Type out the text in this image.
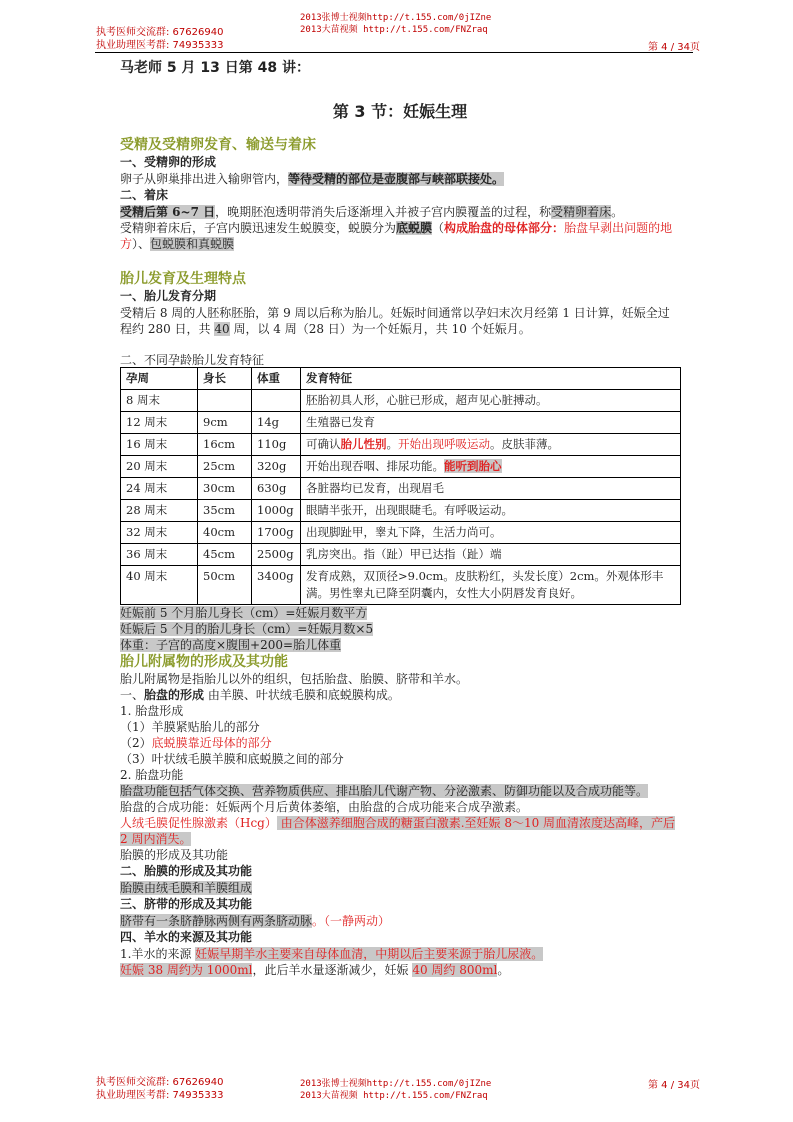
执考医师交流群: 67626940
执业助理医考群: 74935333
2013张博士视频http://t.155.com/0jIZne
2013大苗视频 http://t.155.com/FNZraq
第 4 / 34页

马老师 5 月 13 日第 48 讲：

第 3 节：妊娠生理

受精及受精卵发育、输送与着床

一、受精卵的形成

卵子从卵巢排出进入输卵管内，等待受精的部位是壶腹部与峡部联接处。

二、着床

受精后第 6~7 日，晚期胚泡透明带消失后逐渐埋入并被子宫内膜覆盖的过程，称受精卵着床。

受精卵着床后，子宫内膜迅速发生蜕膜变，蜕膜分为底蜕膜（构成胎盘的母体部分：胎盘早剥出问题的地方）、包蜕膜和真蜕膜

胎儿发育及生理特点

一、胎儿发育分期

受精后 8 周的人胚称胚胎，第 9 周以后称为胎儿。妊娠时间通常以孕妇末次月经第 1 日计算，妊娠全过程约 280 日，共 40 周，以 4 周（28 日）为一个妊娠月，共 10 个妊娠月。

二、不同孕龄胎儿发育特征

孕周	身长	体重	发育特征
8 周末			胚胎初具人形，心脏已形成，超声见心脏搏动。
12 周末	9cm	14g	生殖器已发育
16 周末	16cm	110g	可确认胎儿性别。开始出现呼吸运动。皮肤菲薄。
20 周末	25cm	320g	开始出现吞咽、排尿功能。能听到胎心
24 周末	30cm	630g	各脏器均已发育，出现眉毛
28 周末	35cm	1000g	眼睛半张开，出现眼睫毛。有呼吸运动。
32 周末	40cm	1700g	出现脚趾甲，睾丸下降，生活力尚可。
36 周末	45cm	2500g	乳房突出。指（趾）甲已达指（趾）端
40 周末	50cm	3400g	发育成熟，双顶径>9.0cm。皮肤粉红，头发长度）2cm。外观体形丰满。男性睾丸已降至阴囊内，女性大小阴唇发育良好。

妊娠前 5 个月胎儿身长（cm）=妊娠月数平方

妊娠后 5 个月的胎儿身长（cm）=妊娠月数×5

体重：子宫的高度×腹围+200=胎儿体重

胎儿附属物的形成及其功能

胎儿附属物是指胎儿以外的组织，包括胎盘、胎膜、脐带和羊水。

一、胎盘的形成 由羊膜、叶状绒毛膜和底蜕膜构成。

1. 胎盘形成

（1）羊膜紧贴胎儿的部分

（2）底蜕膜靠近母体的部分

（3）叶状绒毛膜羊膜和底蜕膜之间的部分

2. 胎盘功能

胎盘功能包括气体交换、营养物质供应、排出胎儿代谢产物、分泌激素、防御功能以及合成功能等。

胎盘的合成功能：妊娠两个月后黄体萎缩，由胎盘的合成功能来合成孕激素。

人绒毛膜促性腺激素（Hcg） 由合体滋养细胞合成的糖蛋白激素.至妊娠 8～10 周血清浓度达高峰，产后 2 周内消失。

胎膜的形成及其功能

二、胎膜的形成及其功能

胎膜由绒毛膜和羊膜组成

三、脐带的形成及其功能

脐带有一条脐静脉两侧有两条脐动脉。（一静两动）

四、羊水的来源及其功能

1.羊水的来源 妊娠早期羊水主要来自母体血清，中期以后主要来源于胎儿尿液。

妊娠 38 周约为 1000ml，此后羊水量逐渐减少，妊娠 40 周约 800ml。

执考医师交流群: 67626940
执业助理医考群: 74935333
2013张博士视频http://t.155.com/0jIZne
2013大苗视频 http://t.155.com/FNZraq
第 4 / 34页
